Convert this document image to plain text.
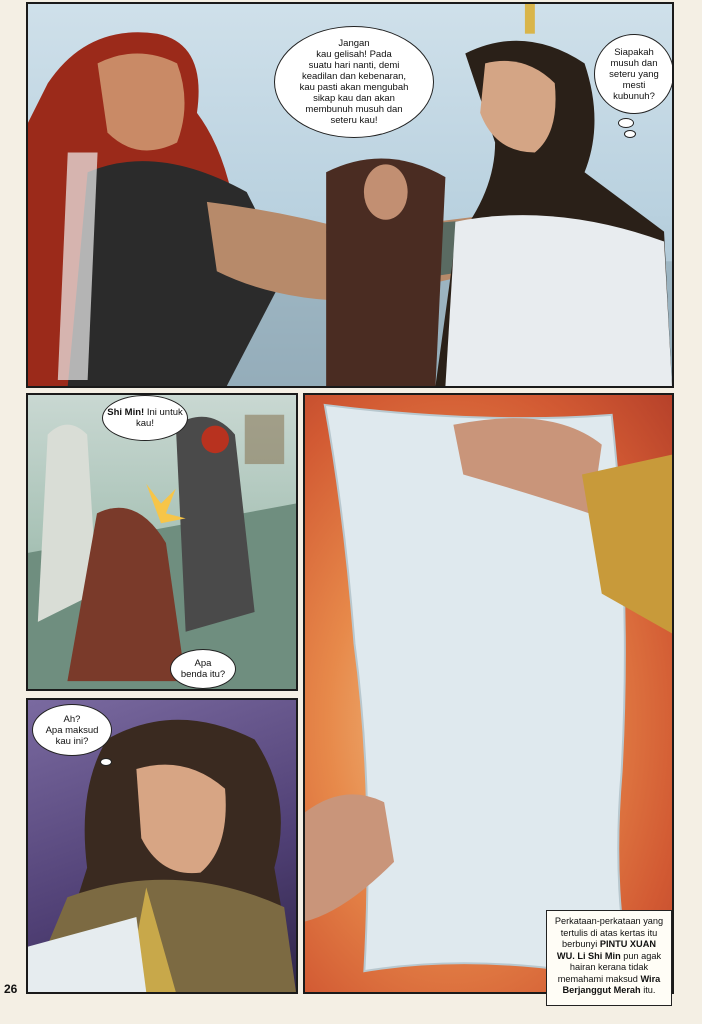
Jangan
kau gelisah! Pada
suatu hari nanti, demi
keadilan dan kebenaran,
kau pasti akan mengubah
sikap kau dan akan
membunuh musuh dan
seteru kau!
Siapakah
musuh dan
seteru yang
mesti
kubunuh?
Shi Min! Ini untuk
kau!
Apa
benda itu?
Ah?
Apa maksud
kau ini?
Perkataan-perkataan yang tertulis di atas kertas itu berbunyi PINTU XUAN WU. Li Shi Min pun agak hairan kerana tidak memahami maksud Wira Berjanggut Merah itu.
26
